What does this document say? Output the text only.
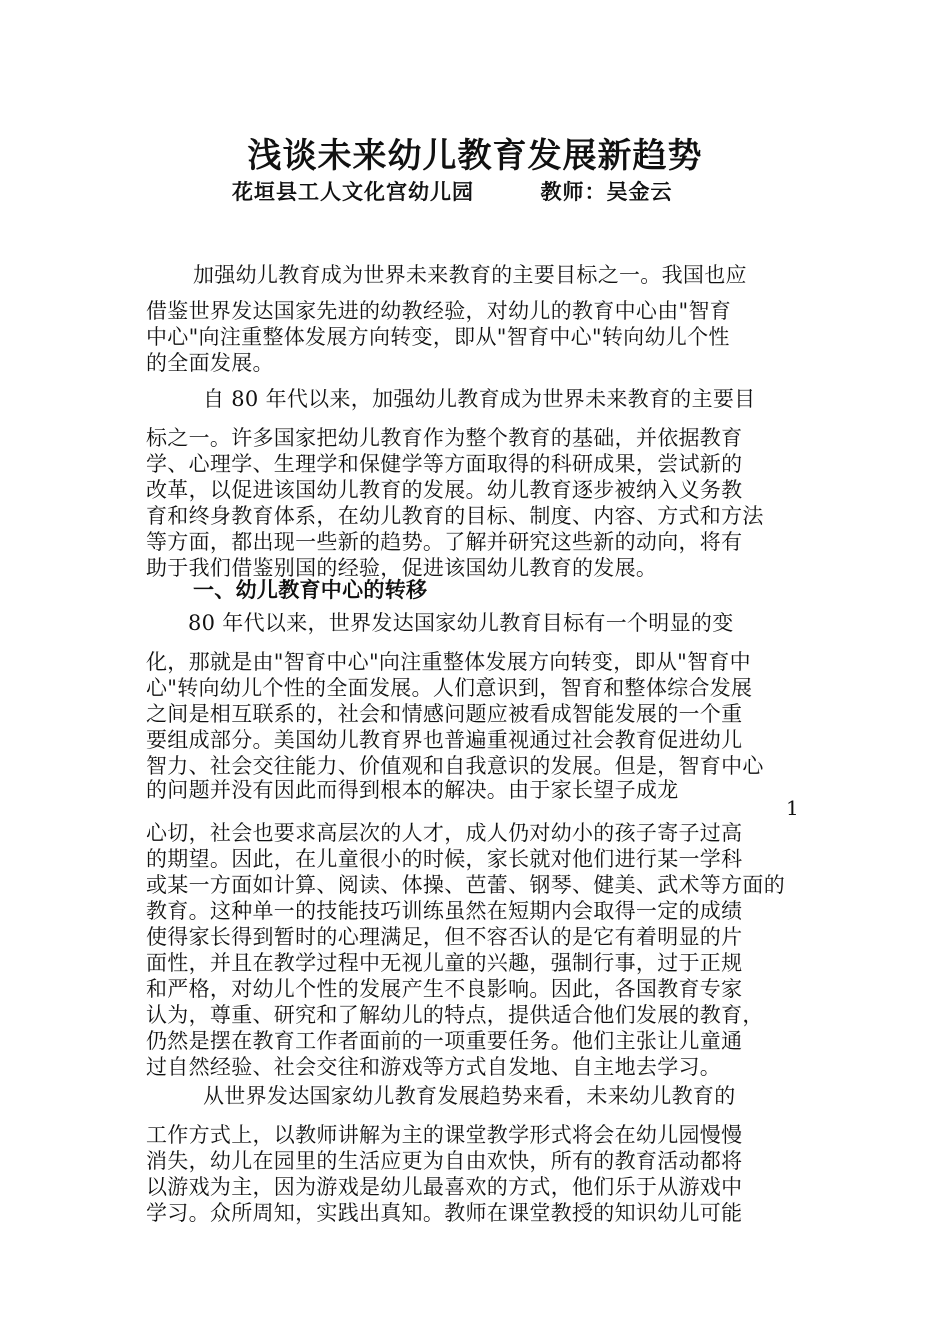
浅谈未来幼儿教育发展新趋势
花垣县工人文化宫幼儿园        教师：吴金云
加强幼儿教育成为世界未来教育的主要目标之一。我国也应
借鉴世界发达国家先进的幼教经验，对幼儿的教育中心由"智育
中心"向注重整体发展方向转变，即从"智育中心"转向幼儿个性
的全面发展。
自 80 年代以来，加强幼儿教育成为世界未来教育的主要目
标之一。许多国家把幼儿教育作为整个教育的基础，并依据教育
学、心理学、生理学和保健学等方面取得的科研成果，尝试新的
改革，以促进该国幼儿教育的发展。幼儿教育逐步被纳入义务教
育和终身教育体系，在幼儿教育的目标、制度、内容、方式和方法
等方面，都出现一些新的趋势。了解并研究这些新的动向，将有
助于我们借鉴别国的经验，促进该国幼儿教育的发展。
一、幼儿教育中心的转移
80 年代以来，世界发达国家幼儿教育目标有一个明显的变
化，那就是由"智育中心"向注重整体发展方向转变，即从"智育中
心"转向幼儿个性的全面发展。人们意识到，智育和整体综合发展
之间是相互联系的，社会和情感问题应被看成智能发展的一个重
要组成部分。美国幼儿教育界也普遍重视通过社会教育促进幼儿
智力、社会交往能力、价值观和自我意识的发展。但是，智育中心
的问题并没有因此而得到根本的解决。由于家长望子成龙
1
心切，社会也要求高层次的人才，成人仍对幼小的孩子寄子过高
的期望。因此，在儿童很小的时候，家长就对他们进行某一学科
或某一方面如计算、阅读、体操、芭蕾、钢琴、健美、武术等方面的
教育。这种单一的技能技巧训练虽然在短期内会取得一定的成绩
使得家长得到暂时的心理满足，但不容否认的是它有着明显的片
面性，并且在教学过程中无视儿童的兴趣，强制行事，过于正规
和严格，对幼儿个性的发展产生不良影响。因此，各国教育专家
认为，尊重、研究和了解幼儿的特点，提供适合他们发展的教育，
仍然是摆在教育工作者面前的一项重要任务。他们主张让儿童通
过自然经验、社会交往和游戏等方式自发地、自主地去学习。
从世界发达国家幼儿教育发展趋势来看，未来幼儿教育的
工作方式上，以教师讲解为主的课堂教学形式将会在幼儿园慢慢
消失，幼儿在园里的生活应更为自由欢快，所有的教育活动都将
以游戏为主，因为游戏是幼儿最喜欢的方式，他们乐于从游戏中
学习。众所周知，实践出真知。教师在课堂教授的知识幼儿可能
